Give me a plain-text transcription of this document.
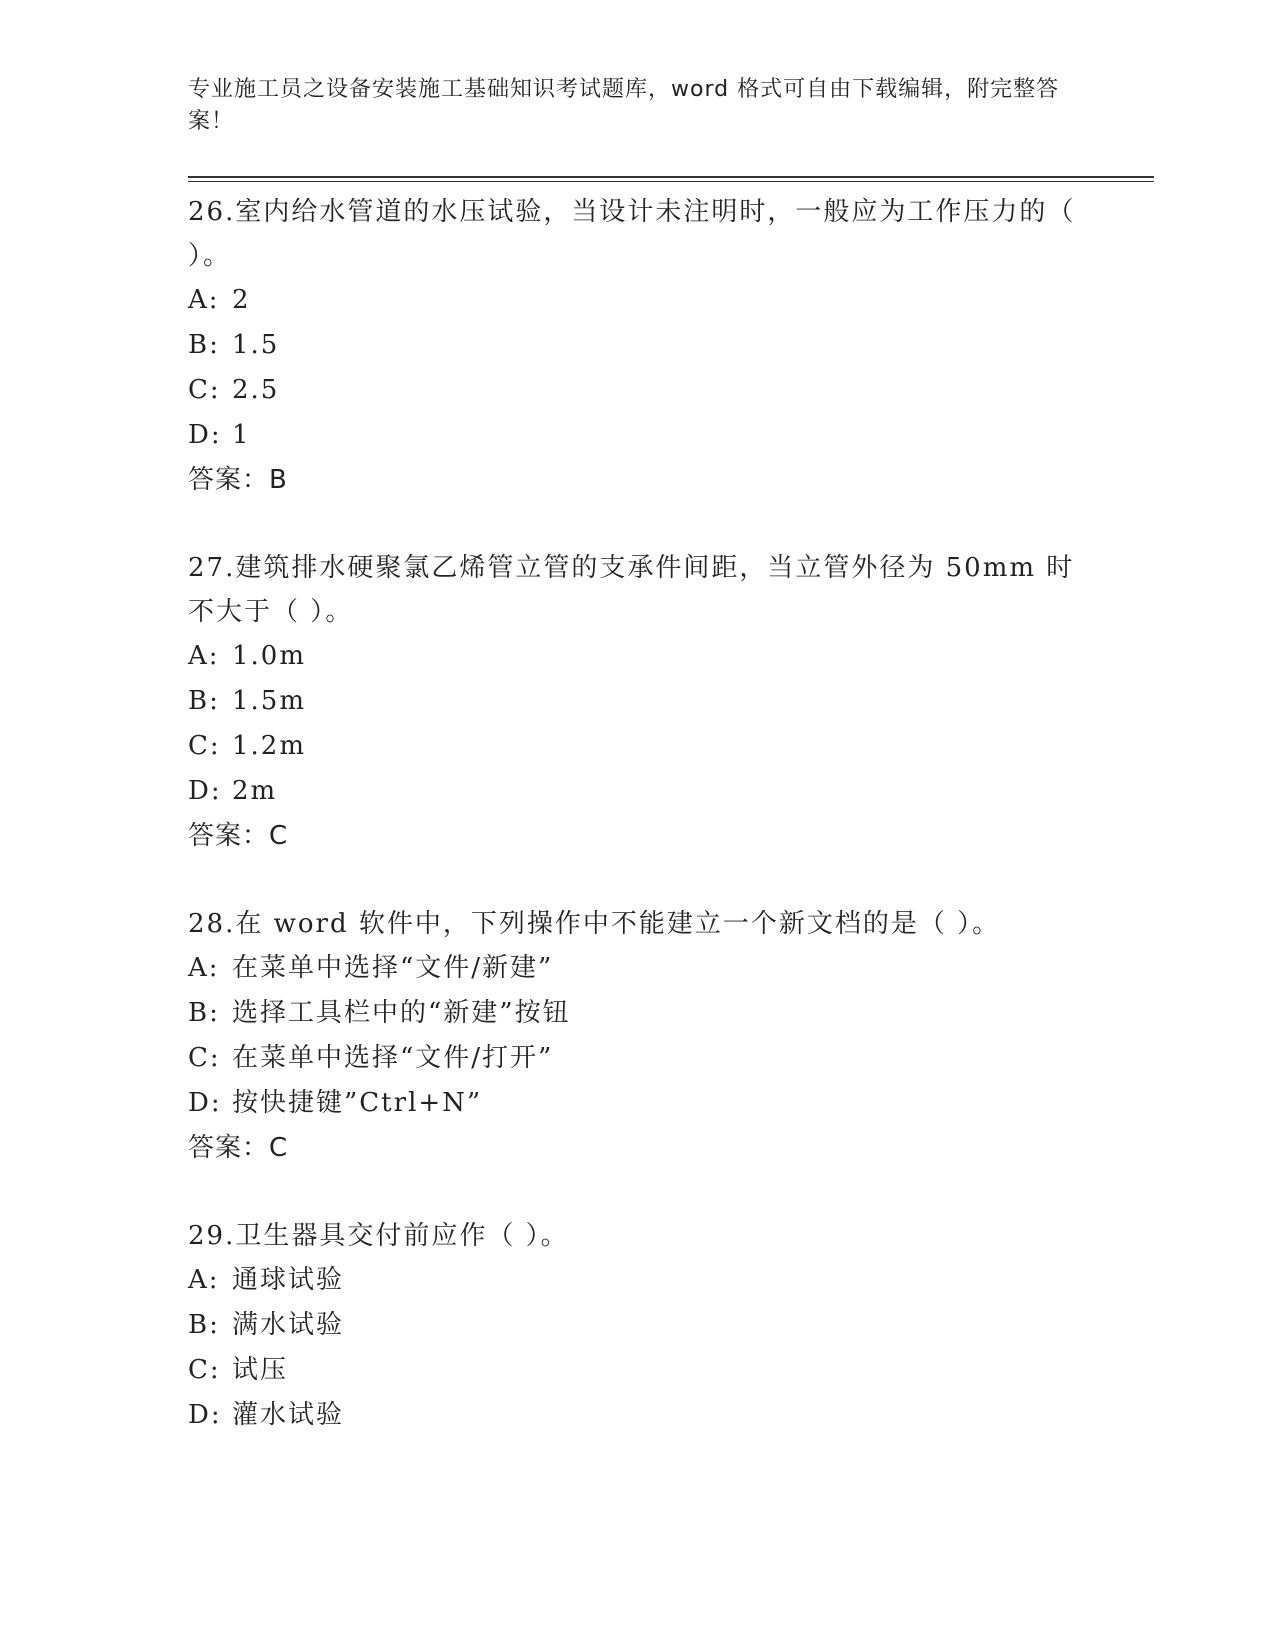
专业施工员之设备安装施工基础知识考试题库，word 格式可自由下载编辑，附完整答案！

26.室内给水管道的水压试验，当设计未注明时，一般应为工作压力的（ ）。

A: 2
B: 1.5
C: 2.5
D: 1
答案：B

27.建筑排水硬聚氯乙烯管立管的支承件间距，当立管外径为 50mm 时不大于（ ）。

A: 1.0m
B: 1.5m
C: 1.2m
D: 2m
答案：C

28.在 word 软件中，下列操作中不能建立一个新文档的是（ ）。

A: 在菜单中选择“文件/新建”
B: 选择工具栏中的“新建”按钮
C: 在菜单中选择“文件/打开”
D: 按快捷键”Ctrl+N”
答案：C

29.卫生器具交付前应作（ ）。

A: 通球试验
B: 满水试验
C: 试压
D: 灌水试验
